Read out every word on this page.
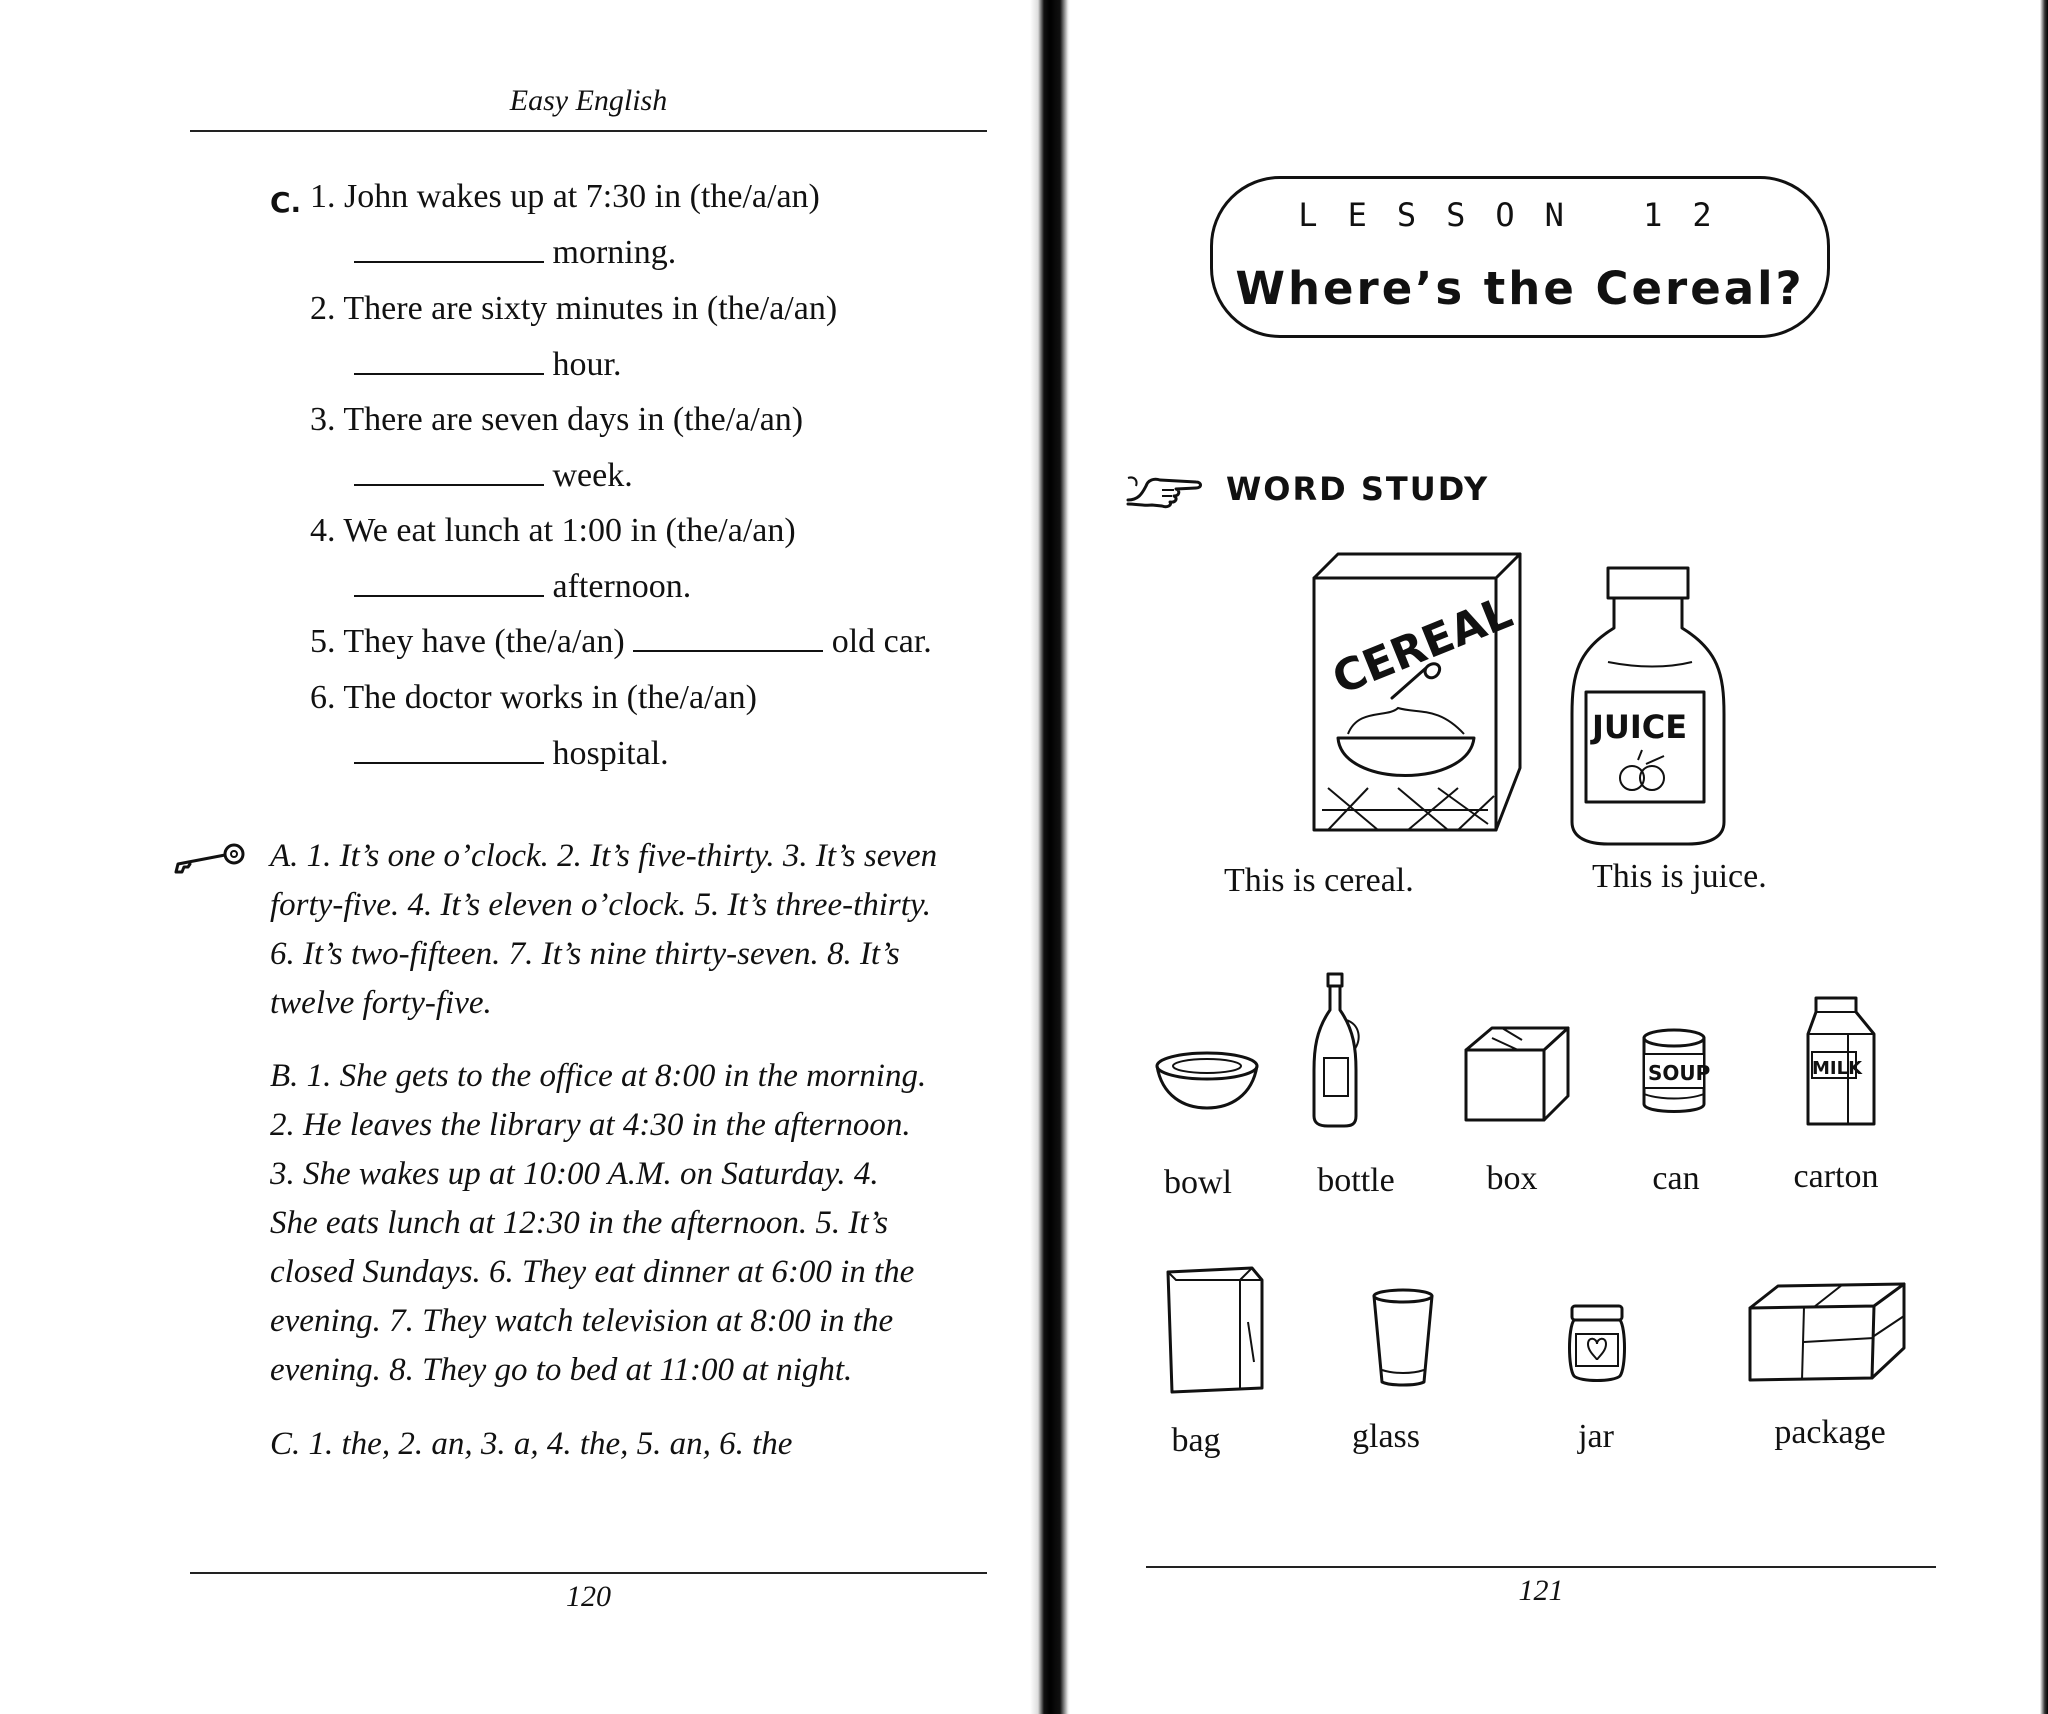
Easy English
C. 1. John wakes up at 7:30 in (the/a/an)
morning.
2. There are sixty minutes in (the/a/an)
hour.
3. There are seven days in (the/a/an)
week.
4. We eat lunch at 1:00 in (the/a/an)
afternoon.
5. They have (the/a/an)	old car.
6. The doctor works in (the/a/an)
hospital.
A. 1. It’s one o’clock. 2. It’s five-thirty. 3. It’s seven
forty-five. 4. It’s eleven o’clock. 5. It’s three-thirty.
6. It’s two-fifteen. 7. It’s nine thirty-seven. 8. It’s
twelve forty-five.
B. 1. She gets to the office at 8:00 in the morning.
2. He leaves the library at 4:30 in the afternoon.
3. She wakes up at 10:00 A.M. on Saturday. 4.
She eats lunch at 12:30 in the afternoon. 5. It’s
closed Sundays. 6. They eat dinner at 6:00 in the
evening. 7. They watch television at 8:00 in the
evening. 8. They go to bed at 11:00 at night.
C. 1. the, 2. an, 3. a, 4. the, 5. an, 6. the
120
LESSON 12
Where’s the Cereal?
WORD STUDY
CEREAL
JUICE
This is cereal.	This is juice.
SOUP	MILK
bowl	bottle	box	can	carton
bag	glass	jar	package
121
